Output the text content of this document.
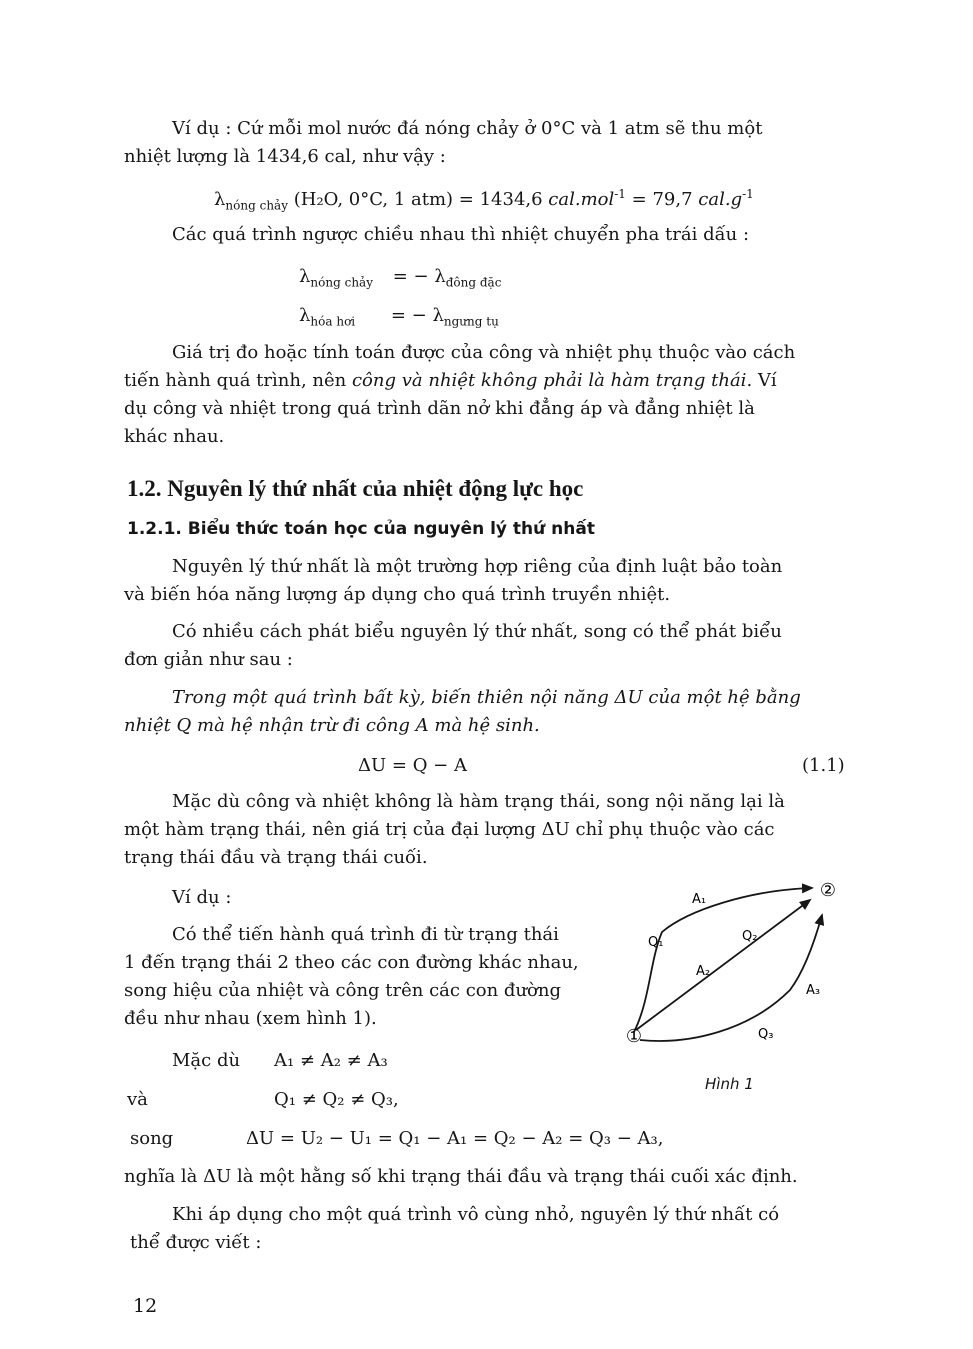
Ví dụ : Cứ mỗi mol nước đá nóng chảy ở 0°C và 1 atm sẽ thu một
nhiệt lượng là 1434,6 cal, như vậy :
$\lambda_{nóng chảy}$ (H₂O, 0°C, 1 atm) = 1434,6 cal.mol$^{-1}$ = 79,7 $cal.g^{-1}$
Các quá trình ngược chiều nhau thì nhiệt chuyển pha trái dấu :
$\lambda_{nóng chảy}$ = − $\lambda_{đông đặc}$
$\lambda_{hóa hơi}$ = − $\lambda_{ngưng tụ}$
Giá trị đo hoặc tính toán được của công và nhiệt phụ thuộc vào cách
tiến hành quá trình, nên công và nhiệt không phải là hàm trạng thái. Ví
dụ công và nhiệt trong quá trình dãn nở khi đẳng áp và đẳng nhiệt là
khác nhau.
1.2. Nguyên lý thứ nhất của nhiệt động lực học
1.2.1. Biểu thức toán học của nguyên lý thứ nhất
Nguyên lý thứ nhất là một trường hợp riêng của định luật bảo toàn
và biến hóa năng lượng áp dụng cho quá trình truyền nhiệt.
Có nhiều cách phát biểu nguyên lý thứ nhất, song có thể phát biểu
đơn giản như sau :
Trong một quá trình bất kỳ, biến thiên nội năng ΔU của một hệ bằng
nhiệt Q mà hệ nhận trừ đi công A mà hệ sinh.
ΔU = Q − A	(1.1)
Mặc dù công và nhiệt không là hàm trạng thái, song nội năng lại là
một hàm trạng thái, nên giá trị của đại lượng ΔU chỉ phụ thuộc vào các
trạng thái đầu và trạng thái cuối.
Ví dụ :
Có thể tiến hành quá trình đi từ trạng thái
1 đến trạng thái 2 theo các con đường khác nhau,
song hiệu của nhiệt và công trên các con đường
đều như nhau (xem hình 1).
①
②
A₁
Q₁	Q₂
A₂
A₃
Q₃
Hình 1
Mặc dù A₁ ≠ A₂ ≠ A₃
và	Q₁ ≠ Q₂ ≠ Q₃,
song	ΔU = U₂ − U₁ = Q₁ − A₁ = Q₂ − A₂ = Q₃ − A₃,
nghĩa là ΔU là một hằng số khi trạng thái đầu và trạng thái cuối xác định.
Khi áp dụng cho một quá trình vô cùng nhỏ, nguyên lý thứ nhất có
thể được viết :
12
